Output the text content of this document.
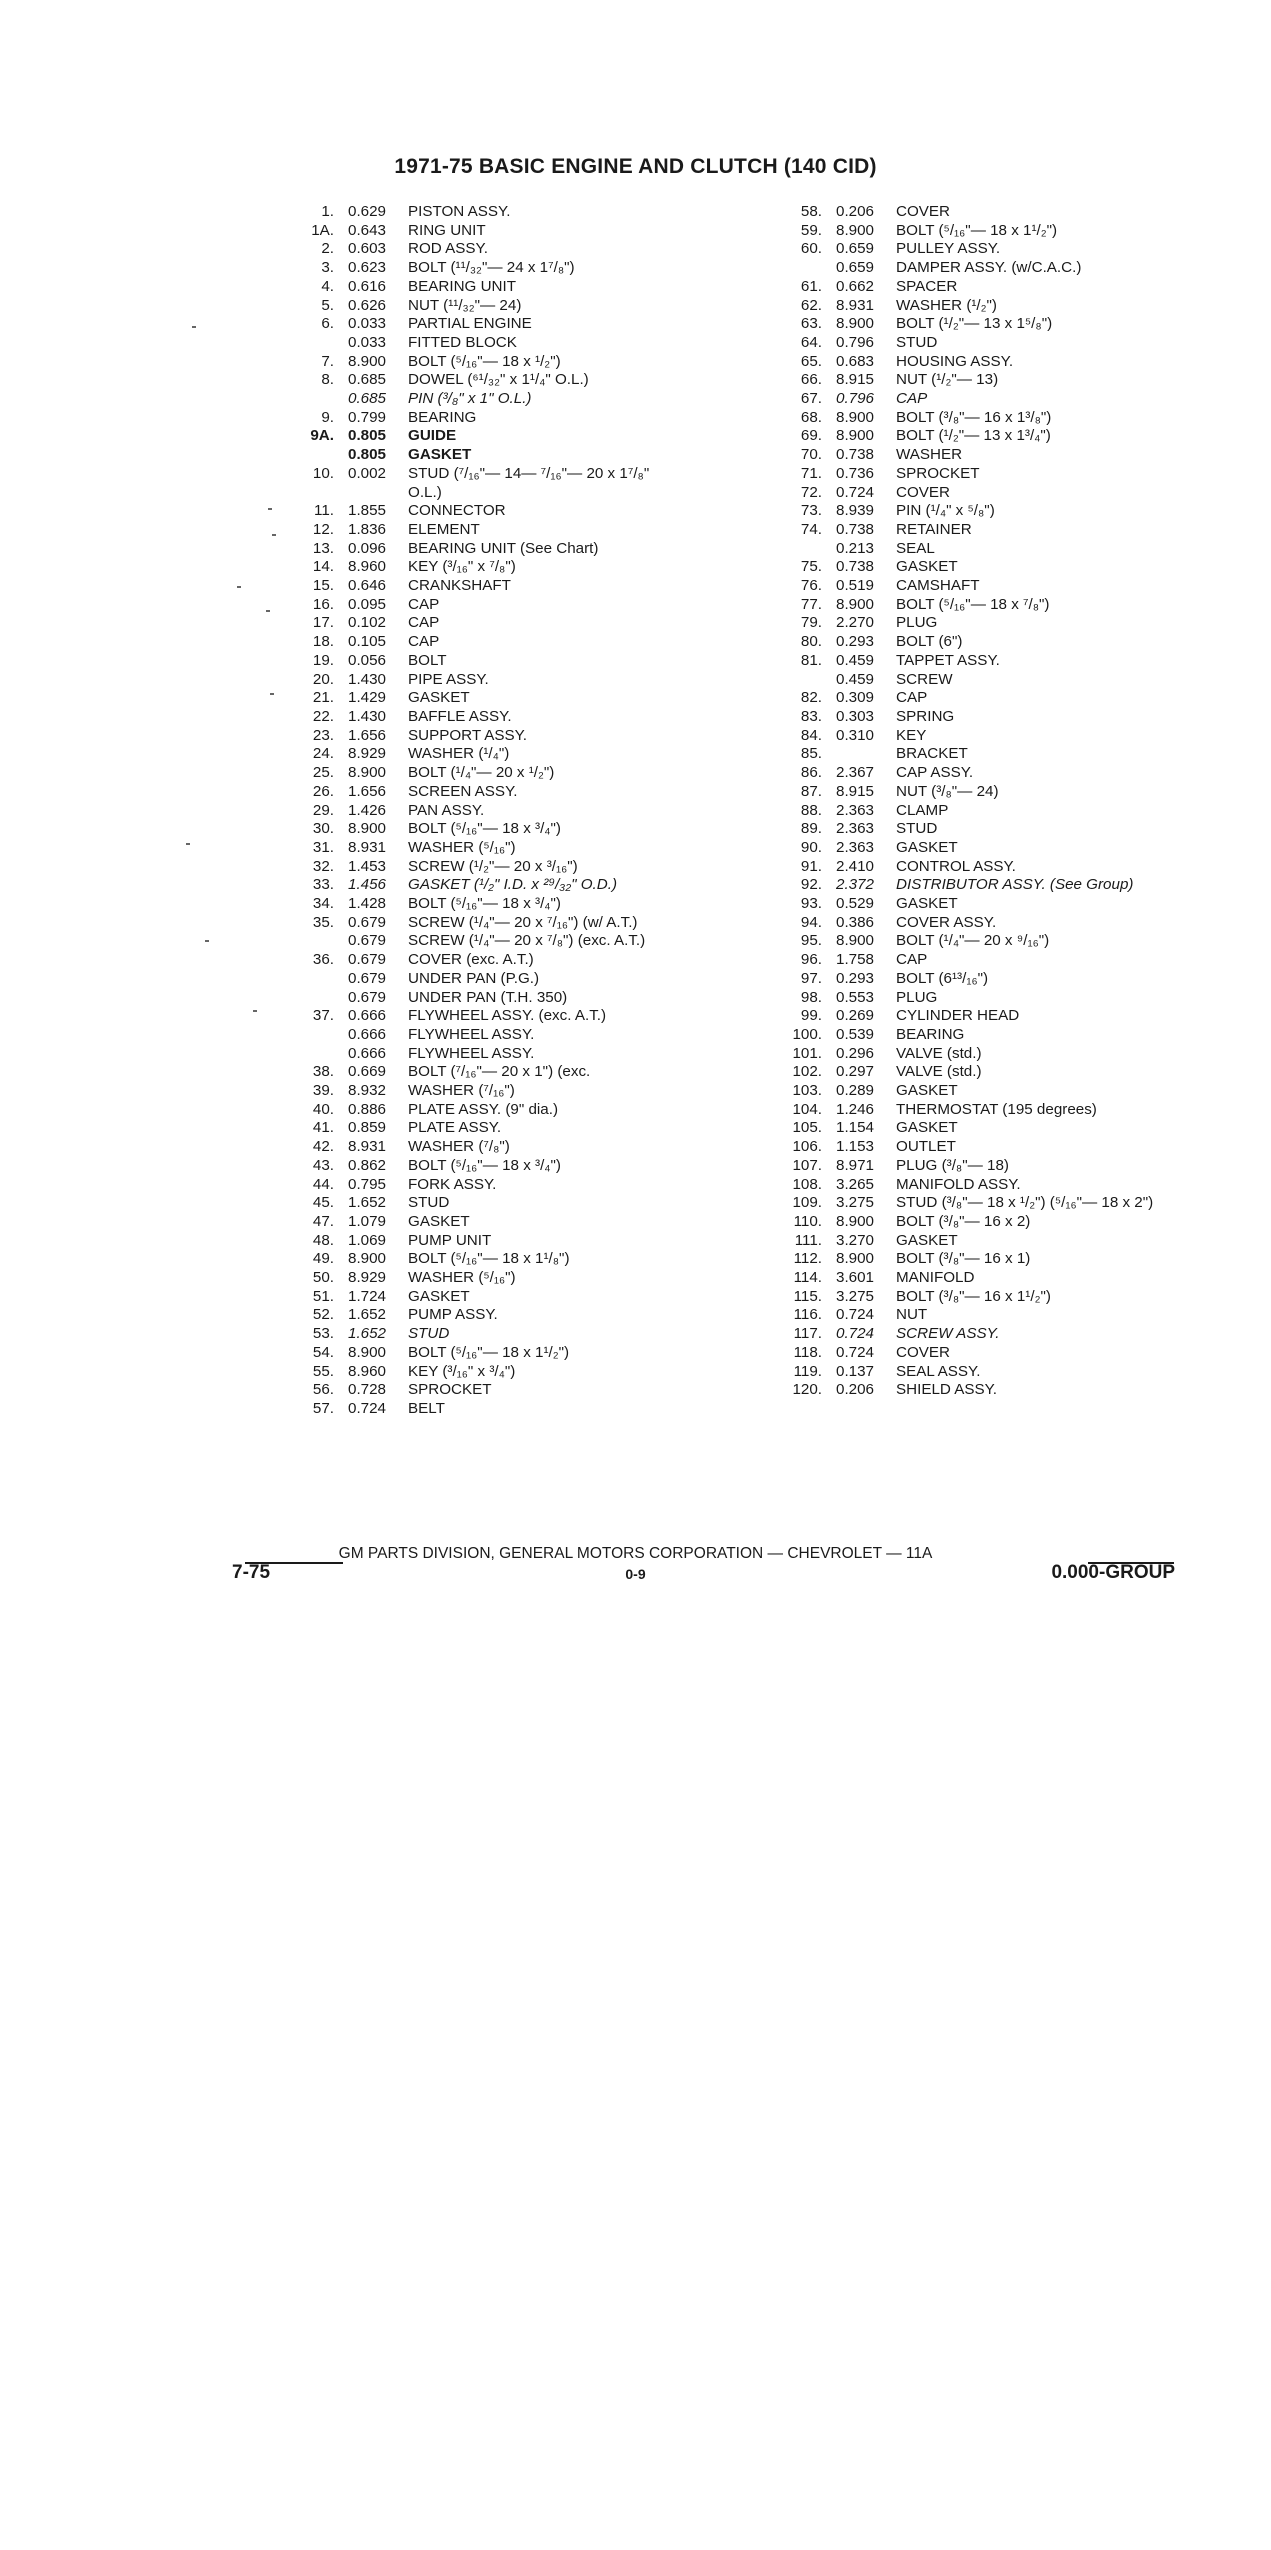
1971-75 BASIC ENGINE AND CLUTCH (140 CID)
1. 0.629	PISTON ASSY.
1A. 0.643	RING UNIT
2. 0.603	ROD ASSY.
3. 0.623	BOLT (¹¹/₃₂"— 24 x 1⁷/₈")
4. 0.616	BEARING UNIT
5. 0.626	NUT (¹¹/₃₂"— 24)
6. 0.033	PARTIAL ENGINE
0.033	FITTED BLOCK
7. 8.900	BOLT (⁵/₁₆"— 18 x ¹/₂")
8. 0.685	DOWEL (⁶¹/₃₂" x 1¹/₄" O.L.)
0.685	PIN (³/₈" x 1" O.L.)
9. 0.799	BEARING
9A. 0.805	GUIDE
0.805	GASKET
10. 0.002	STUD (⁷/₁₆"— 14— ⁷/₁₆"— 20 x 1⁷/₈" O.L.)
11. 1.855	CONNECTOR
12. 1.836	ELEMENT
13. 0.096	BEARING UNIT (See Chart)
14. 8.960	KEY (³/₁₆" x ⁷/₈")
15. 0.646	CRANKSHAFT
16. 0.095	CAP
17. 0.102	CAP
18. 0.105	CAP
19. 0.056	BOLT
20. 1.430	PIPE ASSY.
21. 1.429	GASKET
22. 1.430	BAFFLE ASSY.
23. 1.656	SUPPORT ASSY.
24. 8.929	WASHER (¹/₄")
25. 8.900	BOLT (¹/₄"— 20 x ¹/₂")
26. 1.656	SCREEN ASSY.
29. 1.426	PAN ASSY.
30. 8.900	BOLT (⁵/₁₆"— 18 x ³/₄")
31. 8.931	WASHER (⁵/₁₆")
32. 1.453	SCREW (¹/₂"— 20 x ³/₁₆")
33. 1.456	GASKET (¹/₂" I.D. x ²⁹/₃₂" O.D.)
34. 1.428	BOLT (⁵/₁₆"— 18 x ³/₄")
35. 0.679	SCREW (¹/₄"— 20 x ⁷/₁₆") (w/ A.T.)
0.679	SCREW (¹/₄"— 20 x ⁷/₈") (exc. A.T.)
36. 0.679	COVER (exc. A.T.)
0.679	UNDER PAN (P.G.)
0.679	UNDER PAN (T.H. 350)
37. 0.666	FLYWHEEL ASSY. (exc. A.T.)
0.666	FLYWHEEL ASSY.
0.666	FLYWHEEL ASSY.
38. 0.669	BOLT (⁷/₁₆"— 20 x 1") (exc.
39. 8.932	WASHER (⁷/₁₆")
40. 0.886	PLATE ASSY. (9" dia.)
41. 0.859	PLATE ASSY.
42. 8.931	WASHER (⁷/₈")
43. 0.862	BOLT (⁵/₁₆"— 18 x ³/₄")
44. 0.795	FORK ASSY.
45. 1.652	STUD
47. 1.079	GASKET
48. 1.069	PUMP UNIT
49. 8.900	BOLT (⁵/₁₆"— 18 x 1¹/₈")
50. 8.929	WASHER (⁵/₁₆")
51. 1.724	GASKET
52. 1.652	PUMP ASSY.
53. 1.652	STUD
54. 8.900	BOLT (⁵/₁₆"— 18 x 1¹/₂")
55. 8.960	KEY (³/₁₆" x ³/₄")
56. 0.728	SPROCKET
57. 0.724	BELT
58. 0.206	COVER
59. 8.900	BOLT (⁵/₁₆"— 18 x 1¹/₂")
60. 0.659	PULLEY ASSY.
0.659	DAMPER ASSY. (w/C.A.C.)
61. 0.662	SPACER
62. 8.931	WASHER (¹/₂")
63. 8.900	BOLT (¹/₂"— 13 x 1⁵/₈")
64. 0.796	STUD
65. 0.683	HOUSING ASSY.
66. 8.915	NUT (¹/₂"— 13)
67. 0.796	CAP
68. 8.900	BOLT (³/₈"— 16 x 1³/₈")
69. 8.900	BOLT (¹/₂"— 13 x 1³/₄")
70. 0.738	WASHER
71. 0.736	SPROCKET
72. 0.724	COVER
73. 8.939	PIN (¹/₄" x ⁵/₈")
74. 0.738	RETAINER
0.213	SEAL
75. 0.738	GASKET
76. 0.519	CAMSHAFT
77. 8.900	BOLT (⁵/₁₆"— 18 x ⁷/₈")
79. 2.270	PLUG
80. 0.293	BOLT (6")
81. 0.459	TAPPET ASSY.
0.459	SCREW
82. 0.309	CAP
83. 0.303	SPRING
84. 0.310	KEY
85.	BRACKET
86. 2.367	CAP ASSY.
87. 8.915	NUT (³/₈"— 24)
88. 2.363	CLAMP
89. 2.363	STUD
90. 2.363	GASKET
91. 2.410	CONTROL ASSY.
92. 2.372	DISTRIBUTOR ASSY. (See Group)
93. 0.529	GASKET
94. 0.386	COVER ASSY.
95. 8.900	BOLT (¹/₄"— 20 x ⁹/₁₆")
96. 1.758	CAP
97. 0.293	BOLT (6¹³/₁₆")
98. 0.553	PLUG
99. 0.269	CYLINDER HEAD
100. 0.539	BEARING
101. 0.296	VALVE (std.)
102. 0.297	VALVE (std.)
103. 0.289	GASKET
104. 1.246	THERMOSTAT (195 degrees)
105. 1.154	GASKET
106. 1.153	OUTLET
107. 8.971	PLUG (³/₈"— 18)
108. 3.265	MANIFOLD ASSY.
109. 3.275	STUD (³/₈"— 18 x ¹/₂") (⁵/₁₆"— 18 x 2")
110. 8.900	BOLT (³/₈"— 16 x 2)
111. 3.270	GASKET
112. 8.900	BOLT (³/₈"— 16 x 1)
114. 3.601	MANIFOLD
115. 3.275	BOLT (³/₈"— 16 x 1¹/₂")
116. 0.724	NUT
117. 0.724	SCREW ASSY.
118. 0.724	COVER
119. 0.137	SEAL ASSY.
120. 0.206	SHIELD ASSY.
GM PARTS DIVISION, GENERAL MOTORS CORPORATION — CHEVROLET — 11A
7-75	0-9	0.000-GROUP
